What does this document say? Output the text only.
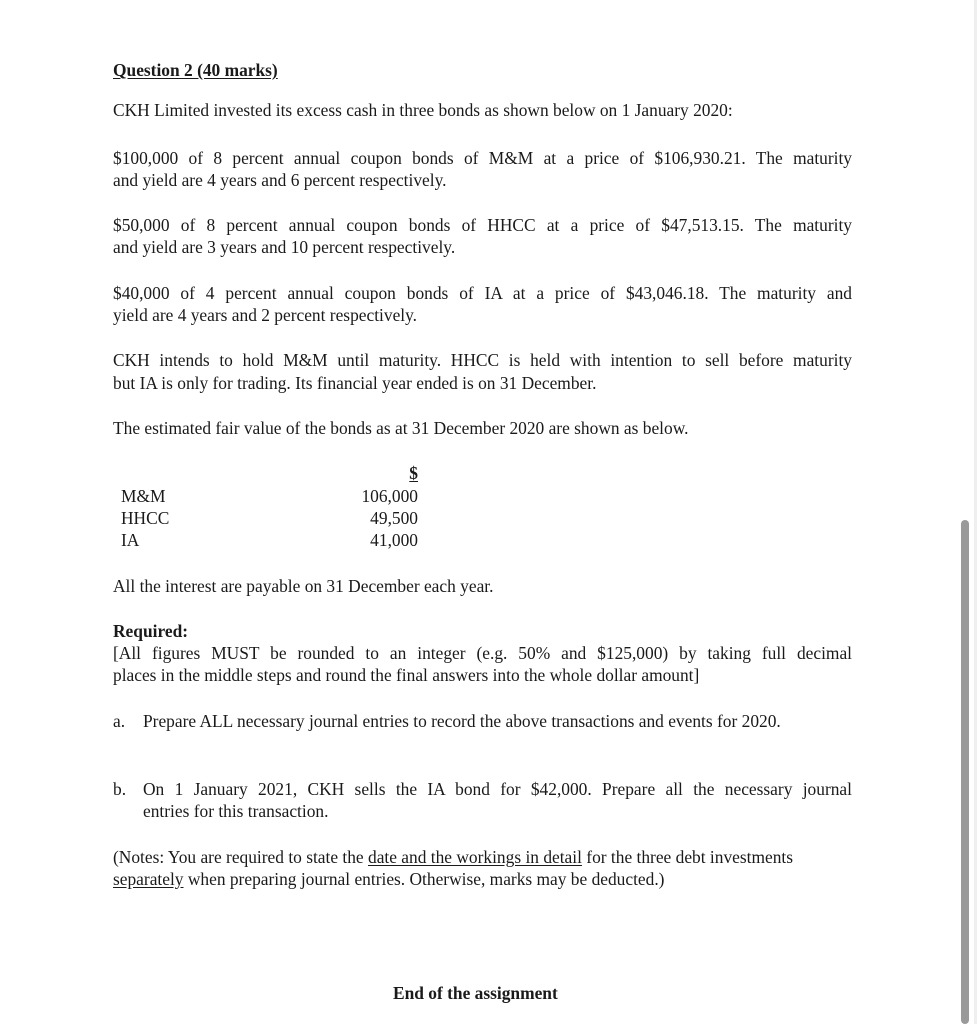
Question 2 (40 marks)
CKH Limited invested its excess cash in three bonds as shown below on 1 January 2020:
$100,000 of 8 percent annual coupon bonds of M&M at a price of $106,930.21. The maturity
and yield are 4 years and 6 percent respectively.
$50,000 of 8 percent annual coupon bonds of HHCC at a price of $47,513.15. The maturity
and yield are 3 years and 10 percent respectively.
$40,000 of 4 percent annual coupon bonds of IA at a price of $43,046.18. The maturity and
yield are 4 years and 2 percent respectively.
CKH intends to hold M&M until maturity. HHCC is held with intention to sell before maturity
but IA is only for trading. Its financial year ended is on 31 December.
The estimated fair value of the bonds as at 31 December 2020 are shown as below.
$
M&M	106,000
HHCC	49,500
IA	41,000
All the interest are payable on 31 December each year.
Required:
[All figures MUST be rounded to an integer (e.g. 50% and $125,000) by taking full decimal
places in the middle steps and round the final answers into the whole dollar amount]
a. Prepare ALL necessary journal entries to record the above transactions and events for 2020.
b. On 1 January 2021, CKH sells the IA bond for $42,000. Prepare all the necessary journal
entries for this transaction.
(Notes: You are required to state the date and the workings in detail for the three debt investments
separately when preparing journal entries. Otherwise, marks may be deducted.)
End of the assignment
